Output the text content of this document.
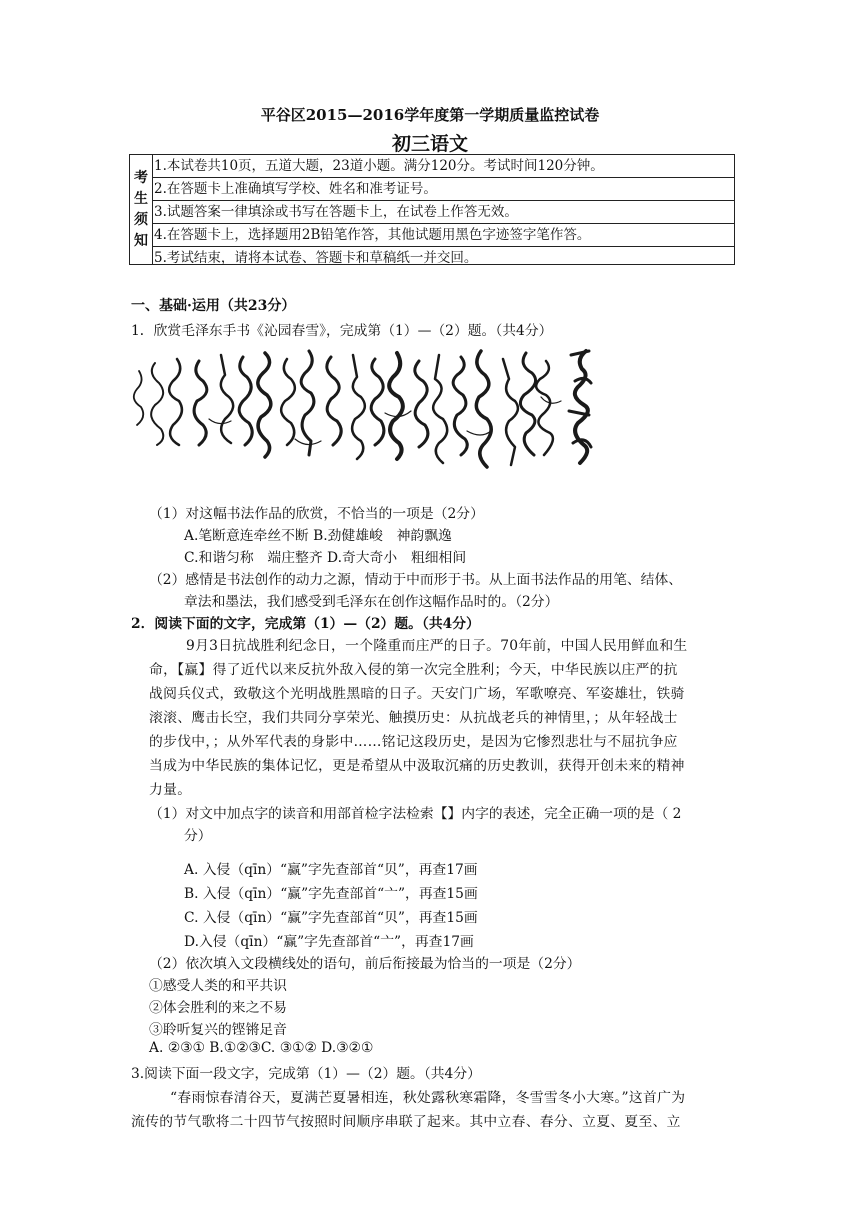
平谷区2015—2016学年度第一学期质量监控试卷
初三语文
考
生
须
知
1.本试卷共10页，五道大题，23道小题。满分120分。考试时间120分钟。
2.在答题卡上准确填写学校、姓名和准考证号。
3.试题答案一律填涂或书写在答题卡上，在试卷上作答无效。
4.在答题卡上，选择题用2B铅笔作答，其他试题用黑色字迹签字笔作答。
5.考试结束，请将本试卷、答题卡和草稿纸一并交回。
一、基础·运用（共23分）
1．欣赏毛泽东手书《沁园春雪》，完成第（1）—（2）题。（共4分）
（1）对这幅书法作品的欣赏，不恰当的一项是（2分）
A.笔断意连牵丝不断 B.劲健雄峻　神韵飘逸
C.和谐匀称　端庄整齐 D.奇大奇小　粗细相间
（2）感情是书法创作的动力之源，情动于中而形于书。从上面书法作品的用笔、结体、
章法和墨法，我们感受到毛泽东在创作这幅作品时的。（2分）
2．阅读下面的文字，完成第（1）—（2）题。（共4分）
9月3日抗战胜利纪念日，一个隆重而庄严的日子。70年前，中国人民用鲜血和生
命，【赢】得了近代以来反抗外敌入侵的第一次完全胜利；今天，中华民族以庄严的抗
战阅兵仪式，致敬这个光明战胜黑暗的日子。天安门广场，军歌嘹亮、军姿雄壮，铁骑
滚滚、鹰击长空，我们共同分享荣光、触摸历史：从抗战老兵的神情里，；从年轻战士
的步伐中，；从外军代表的身影中……铭记这段历史，是因为它惨烈悲壮与不屈抗争应
当成为中华民族的集体记忆，更是希望从中汲取沉痛的历史教训，获得开创未来的精神
力量。
（1）对文中加点字的读音和用部首检字法检索【】内字的表述，完全正确一项的是（ 2
分）
A. 入侵（qīn）“赢”字先查部首“贝”，再查17画
B. 入侵（qīn）“赢”字先查部首“亠”，再查15画
C. 入侵（qīn）“赢”字先查部首“贝”，再查15画
D.入侵（qīn）“赢”字先查部首“亠”，再查17画
（2）依次填入文段横线处的语句，前后衔接最为恰当的一项是（2分）
①感受人类的和平共识
②体会胜利的来之不易
③聆听复兴的铿锵足音
A. ②③① B.①②③C. ③①② D.③②①
3.阅读下面一段文字，完成第（1）—（2）题。（共4分）
“春雨惊春清谷天，夏满芒夏暑相连，秋处露秋寒霜降，冬雪雪冬小大寒。”这首广为
流传的节气歌将二十四节气按照时间顺序串联了起来。其中立春、春分、立夏、夏至、立
